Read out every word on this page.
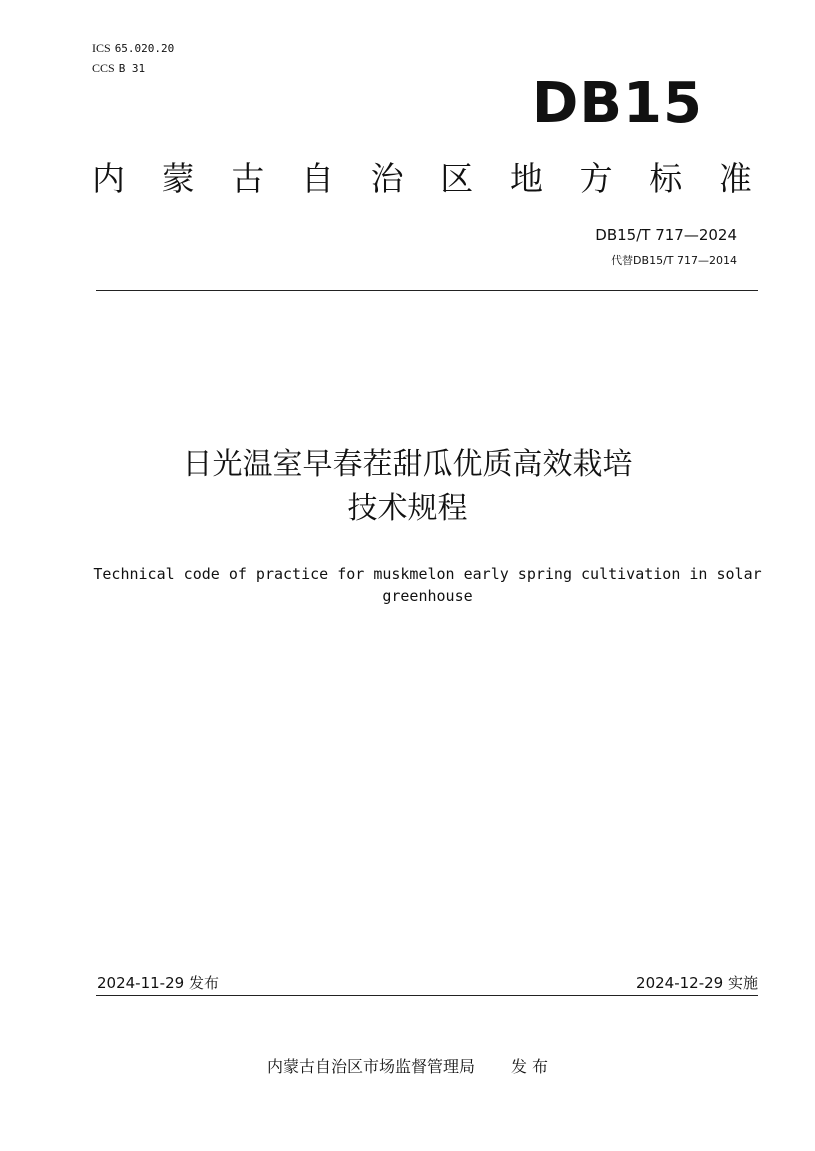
ICS 65.020.20
CCS B 31
DB15
内 蒙 古 自 治 区 地 方 标 准
DB15/T 717—2024
代替DB15/T 717—2014
日光温室早春茬甜瓜优质高效栽培
技术规程
Technical code of practice for muskmelon early spring cultivation in solar greenhouse
2024-11-29 发布	2024-12-29 实施
内蒙古自治区市场监督管理局 发 布
